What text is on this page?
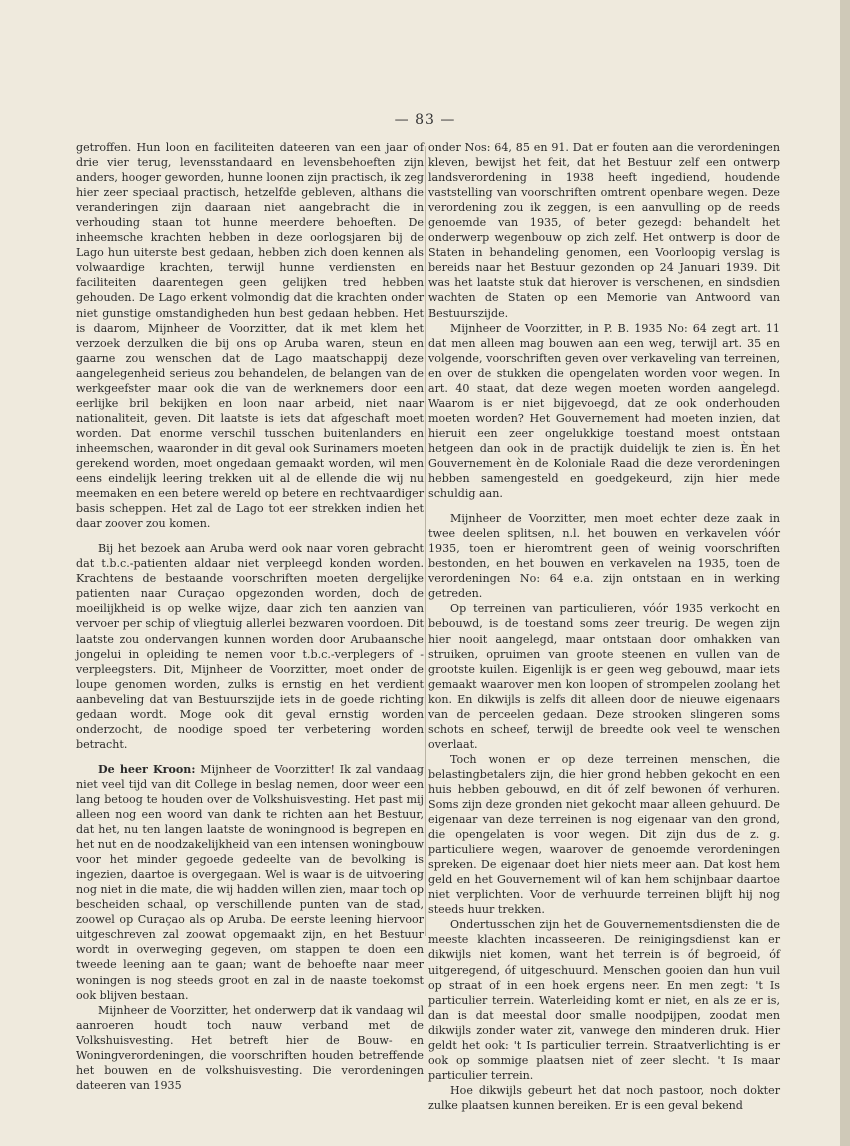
— 83 —

getroffen. Hun loon en faciliteiten dateeren van een jaar of drie vier terug, levensstandaard en levensbehoeften zijn anders, hooger geworden, hunne loonen zijn practisch, ik zeg hier zeer speciaal practisch, hetzelfde gebleven, althans die veranderingen zijn daaraan niet aangebracht die in verhouding staan tot hunne meerdere behoeften. De inheemsche krachten hebben in deze oorlogsjaren bij de Lago hun uiterste best gedaan, hebben zich doen kennen als volwaardige krachten, terwijl hunne verdiensten en faciliteiten daarentegen geen gelijken tred hebben gehouden. De Lago erkent volmondig dat die krachten onder niet gunstige omstandigheden hun best gedaan hebben. Het is daarom, Mijnheer de Voorzitter, dat ik met klem het verzoek derzulken die bij ons op Aruba waren, steun en gaarne zou wenschen dat de Lago maatschappij deze aangelegenheid serieus zou behandelen, de belangen van de werkgeefster maar ook die van de werknemers door een eerlijke bril bekijken en loon naar arbeid, niet naar nationaliteit, geven. Dit laatste is iets dat afgeschaft moet worden. Dat enorme verschil tusschen buitenlanders en inheemschen, waaronder in dit geval ook Surinamers moeten gerekend worden, moet ongedaan gemaakt worden, wil men eens eindelijk leering trekken uit al de ellende die wij nu meemaken en een betere wereld op betere en rechtvaardiger basis scheppen. Het zal de Lago tot eer strekken indien het daar zoover zou komen.

Bij het bezoek aan Aruba werd ook naar voren gebracht dat t.b.c.-patienten aldaar niet verpleegd konden worden. Krachtens de bestaande voorschriften moeten dergelijke patienten naar Curaçao opgezonden worden, doch de moeilijkheid is op welke wijze, daar zich ten aanzien van vervoer per schip of vliegtuig allerlei bezwaren voordoen. Dit laatste zou ondervangen kunnen worden door Arubaansche jongelui in opleiding te nemen voor t.b.c.-verplegers of -verpleegsters. Dit, Mijnheer de Voorzitter, moet onder de loupe genomen worden, zulks is ernstig en het verdient aanbeveling dat van Bestuurszijde iets in de goede richting gedaan wordt. Moge ook dit geval ernstig worden onderzocht, de noodige spoed ter verbetering worden betracht.

De heer Kroon: Mijnheer de Voorzitter! Ik zal vandaag niet veel tijd van dit College in beslag nemen, door weer een lang betoog te houden over de Volkshuisvesting. Het past mij alleen nog een woord van dank te richten aan het Bestuur, dat het, nu ten langen laatste de woningnood is begrepen en het nut en de noodzakelijkheid van een intensen woningbouw voor het minder gegoede gedeelte van de bevolking is ingezien, daartoe is overgegaan. Wel is waar is de uitvoering nog niet in die mate, die wij hadden willen zien, maar toch op bescheiden schaal, op verschillende punten van de stad, zoowel op Curaçao als op Aruba. De eerste leening hiervoor uitgeschreven zal zoowat opgemaakt zijn, en het Bestuur wordt in overweging gegeven, om stappen te doen een tweede leening aan te gaan; want de behoefte naar meer woningen is nog steeds groot en zal in de naaste toekomst ook blijven bestaan.

Mijnheer de Voorzitter, het onderwerp dat ik vandaag wil aanroeren houdt toch nauw verband met de Volkshuisvesting. Het betreft hier de Bouw- en Woningverordeningen, die voorschriften houden betreffende het bouwen en de volkshuisvesting. Die verordeningen dateeren van 1935

onder Nos: 64, 85 en 91. Dat er fouten aan die verordeningen kleven, bewijst het feit, dat het Bestuur zelf een ontwerp landsverordening in 1938 heeft ingediend, houdende vaststelling van voorschriften omtrent openbare wegen. Deze verordening zou ik zeggen, is een aanvulling op de reeds genoemde van 1935, of beter gezegd: behandelt het onderwerp wegenbouw op zich zelf. Het ontwerp is door de Staten in behandeling genomen, een Voorloopig verslag is bereids naar het Bestuur gezonden op 24 Januari 1939. Dit was het laatste stuk dat hierover is verschenen, en sindsdien wachten de Staten op een Memorie van Antwoord van Bestuurszijde.

Mijnheer de Voorzitter, in P. B. 1935 No: 64 zegt art. 11 dat men alleen mag bouwen aan een weg, terwijl art. 35 en volgende, voorschriften geven over verkaveling van terreinen, en over de stukken die opengelaten worden voor wegen. In art. 40 staat, dat deze wegen moeten worden aangelegd. Waarom is er niet bijgevoegd, dat ze ook onderhouden moeten worden? Het Gouvernement had moeten inzien, dat hieruit een zeer ongelukkige toestand moest ontstaan hetgeen dan ook in de practijk duidelijk te zien is. Èn het Gouvernement èn de Koloniale Raad die deze verordeningen hebben samengesteld en goedgekeurd, zijn hier mede schuldig aan.

Mijnheer de Voorzitter, men moet echter deze zaak in twee deelen splitsen, n.l. het bouwen en verkavelen vóór 1935, toen er hieromtrent geen of weinig voorschriften bestonden, en het bouwen en verkavelen na 1935, toen de verordeningen No: 64 e.a. zijn ontstaan en in werking getreden.

Op terreinen van particulieren, vóór 1935 verkocht en bebouwd, is de toestand soms zeer treurig. De wegen zijn hier nooit aangelegd, maar ontstaan door omhakken van struiken, opruimen van groote steenen en vullen van de grootste kuilen. Eigenlijk is er geen weg gebouwd, maar iets gemaakt waarover men kon loopen of strompelen zoolang het kon. En dikwijls is zelfs dit alleen door de nieuwe eigenaars van de perceelen gedaan. Deze strooken slingeren soms schots en scheef, terwijl de breedte ook veel te wenschen overlaat.

Toch wonen er op deze terreinen menschen, die belastingbetalers zijn, die hier grond hebben gekocht en een huis hebben gebouwd, en dit óf zelf bewonen óf verhuren. Soms zijn deze gronden niet gekocht maar alleen gehuurd. De eigenaar van deze terreinen is nog eigenaar van den grond, die opengelaten is voor wegen. Dit zijn dus de z. g. particuliere wegen, waarover de genoemde verordeningen spreken. De eigenaar doet hier niets meer aan. Dat kost hem geld en het Gouvernement wil of kan hem schijnbaar daartoe niet verplichten. Voor de verhuurde terreinen blijft hij nog steeds huur trekken.

Ondertusschen zijn het de Gouvernementsdiensten die de meeste klachten incasseeren. De reinigingsdienst kan er dikwijls niet komen, want het terrein is óf begroeid, óf uitgeregend, óf uitgeschuurd. Menschen gooien dan hun vuil op straat of in een hoek ergens neer. En men zegt: 't Is particulier terrein. Waterleiding komt er niet, en als ze er is, dan is dat meestal door smalle noodpijpen, zoodat men dikwijls zonder water zit, vanwege den minderen druk. Hier geldt het ook: 't Is particulier terrein. Straatverlichting is er ook op sommige plaatsen niet of zeer slecht. 't Is maar particulier terrein.

Hoe dikwijls gebeurt het dat noch pastoor, noch dokter zulke plaatsen kunnen bereiken. Er is een geval bekend
